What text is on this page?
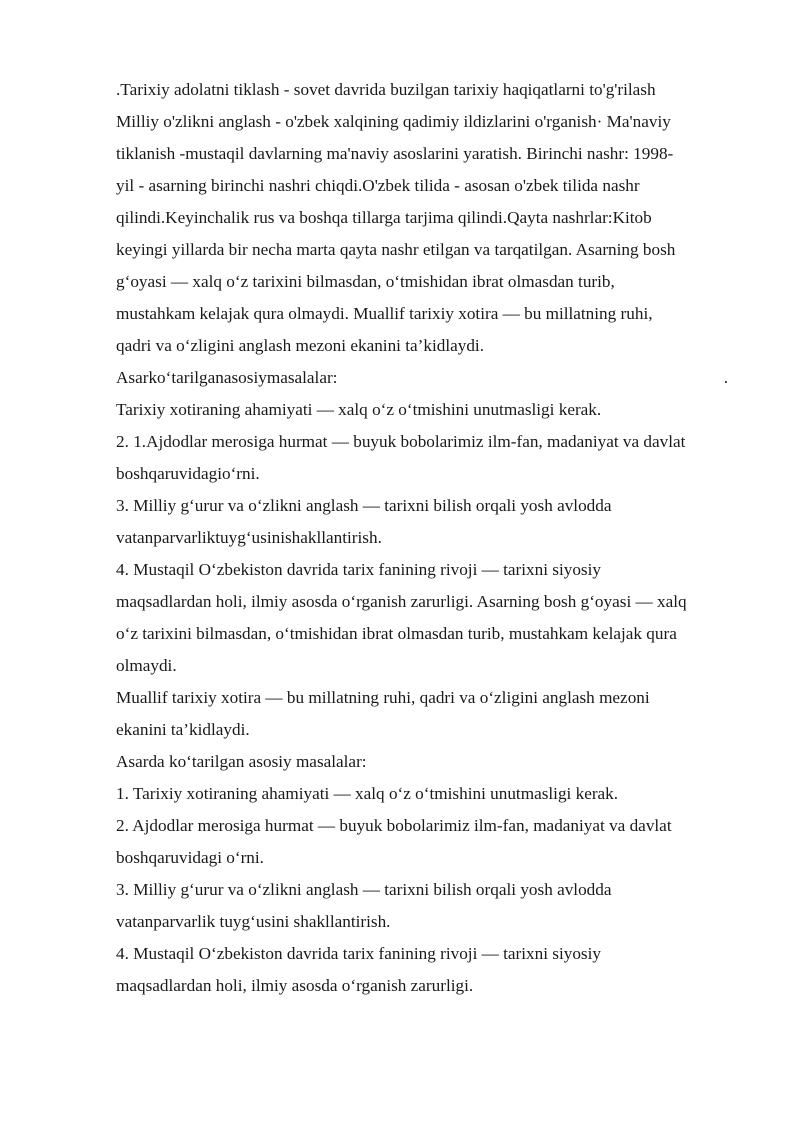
.Tarixiy adolatni tiklash - sovet davrida buzilgan tarixiy haqiqatlarni to'g'rilash
Milliy o'zlikni anglash - o'zbek xalqining qadimiy ildizlarini o'rganish· Ma'naviy
tiklanish -mustaqil davlarning ma'naviy asoslarini yaratish. Birinchi nashr: 1998-
yil - asarning birinchi nashri chiqdi.O'zbek tilida - asosan o'zbek tilida nashr
qilindi.Keyinchalik rus va boshqa tillarga tarjima qilindi.Qayta nashrlar:Kitob
keyingi yillarda bir necha marta qayta nashr etilgan va tarqatilgan. Asarning bosh
g‘oyasi — xalq o‘z tarixini bilmasdan, o‘tmishidan ibrat olmasdan turib,
mustahkam kelajak qura olmaydi. Muallif tarixiy xotira — bu millatning ruhi,
qadri va o‘zligini anglash mezoni ekanini ta’kidlaydi.
Asarko‘tarilganasosiymasalalar:	.
Tarixiy xotiraning ahamiyati — xalq o‘z o‘tmishini unutmasligi kerak.
2. 1.Ajdodlar merosiga hurmat — buyuk bobolarimiz ilm-fan, madaniyat va davlat
boshqaruvidagio‘rni.
3. Milliy g‘urur va o‘zlikni anglash — tarixni bilish orqali yosh avlodda
vatanparvarliktuyg‘usinishakllantirish.
4. Mustaqil O‘zbekiston davrida tarix fanining rivoji — tarixni siyosiy
maqsadlardan holi, ilmiy asosda o‘rganish zarurligi. Asarning bosh g‘oyasi — xalq
o‘z tarixini bilmasdan, o‘tmishidan ibrat olmasdan turib, mustahkam kelajak qura
olmaydi.
Muallif tarixiy xotira — bu millatning ruhi, qadri va o‘zligini anglash mezoni
ekanini ta’kidlaydi.
Asarda ko‘tarilgan asosiy masalalar:
1. Tarixiy xotiraning ahamiyati — xalq o‘z o‘tmishini unutmasligi kerak.
2. Ajdodlar merosiga hurmat — buyuk bobolarimiz ilm-fan, madaniyat va davlat
boshqaruvidagi o‘rni.
3. Milliy g‘urur va o‘zlikni anglash — tarixni bilish orqali yosh avlodda
vatanparvarlik tuyg‘usini shakllantirish.
4. Mustaqil O‘zbekiston davrida tarix fanining rivoji — tarixni siyosiy
maqsadlardan holi, ilmiy asosda o‘rganish zarurligi.
